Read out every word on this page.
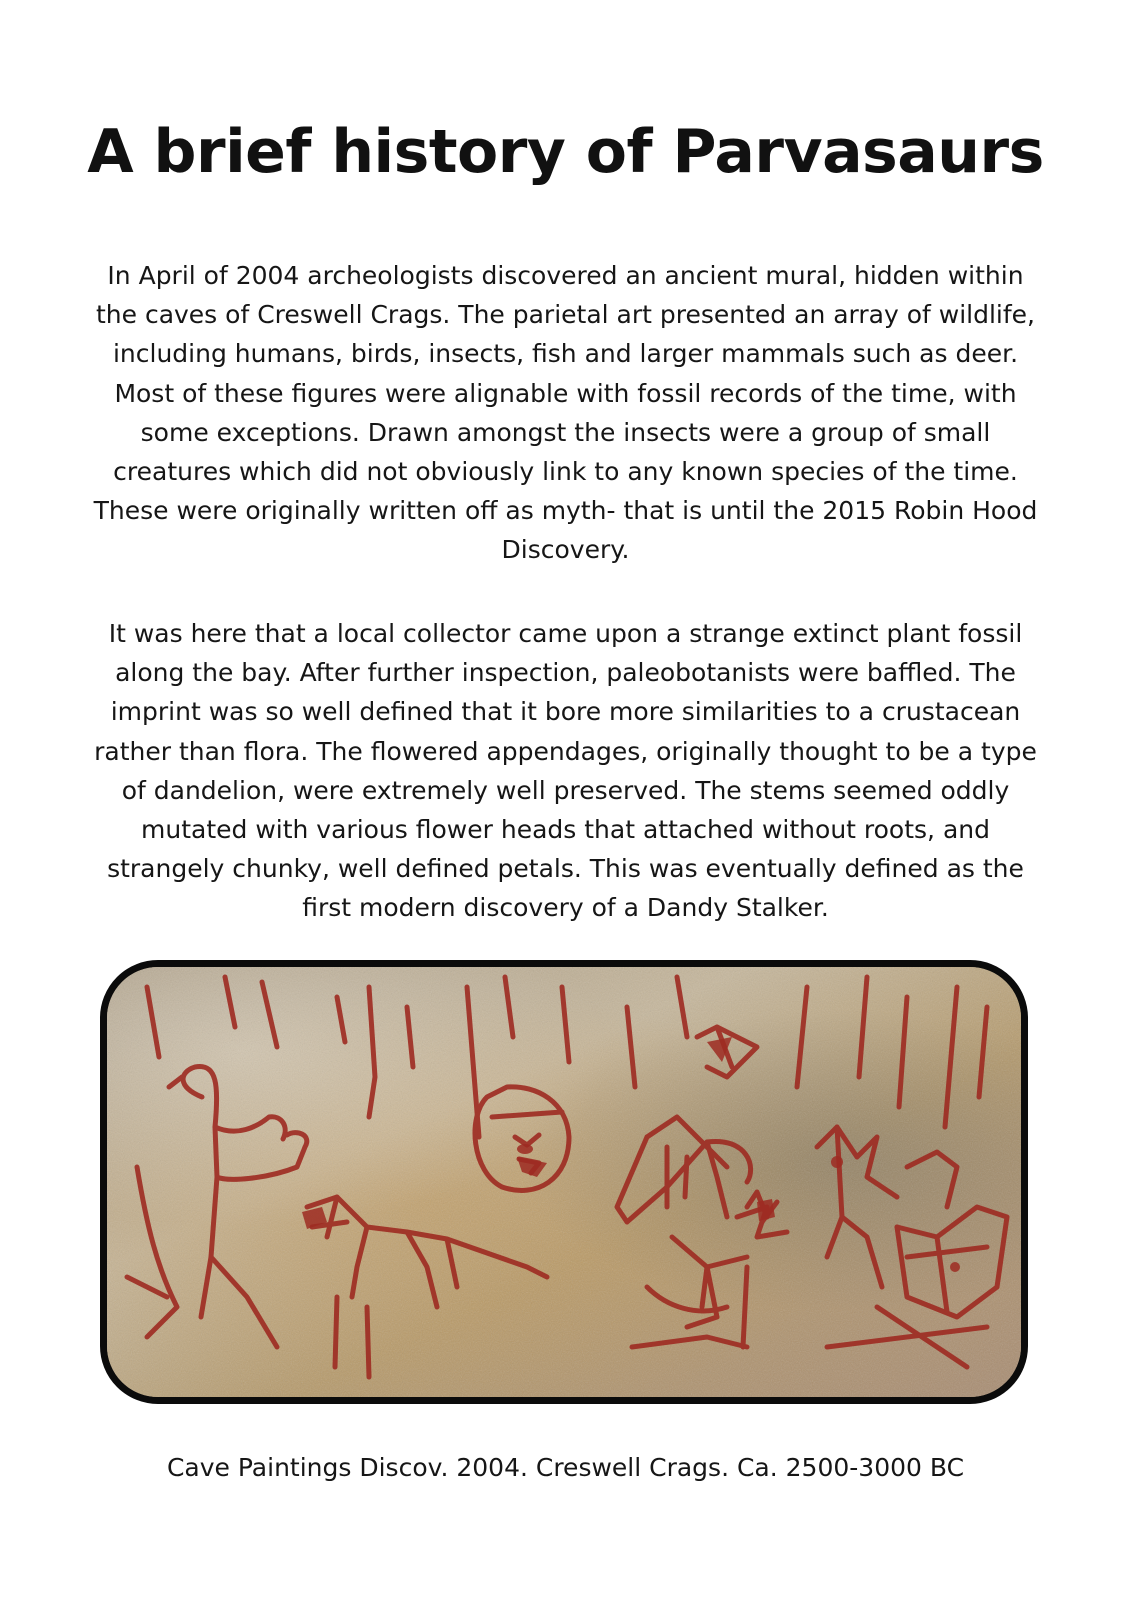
A brief history of Parvasaurs

In April of 2004 archeologists discovered an ancient mural, hidden within the caves of Creswell Crags. The parietal art presented an array of wildlife, including humans, birds, insects, fish and larger mammals such as deer. Most of these figures were alignable with fossil records of the time, with some exceptions. Drawn amongst the insects were a group of small creatures which did not obviously link to any known species of the time. These were originally written off as myth- that is until the 2015 Robin Hood Discovery.

It was here that a local collector came upon a strange extinct plant fossil along the bay. After further inspection, paleobotanists were baffled. The imprint was so well defined that it bore more similarities to a crustacean rather than flora. The flowered appendages, originally thought to be a type of dandelion, were extremely well preserved. The stems seemed oddly mutated with various flower heads that attached without roots, and strangely chunky, well defined petals. This was eventually defined as the first modern discovery of a Dandy Stalker.

Cave Paintings Discov. 2004. Creswell Crags. Ca. 2500-3000 BC
